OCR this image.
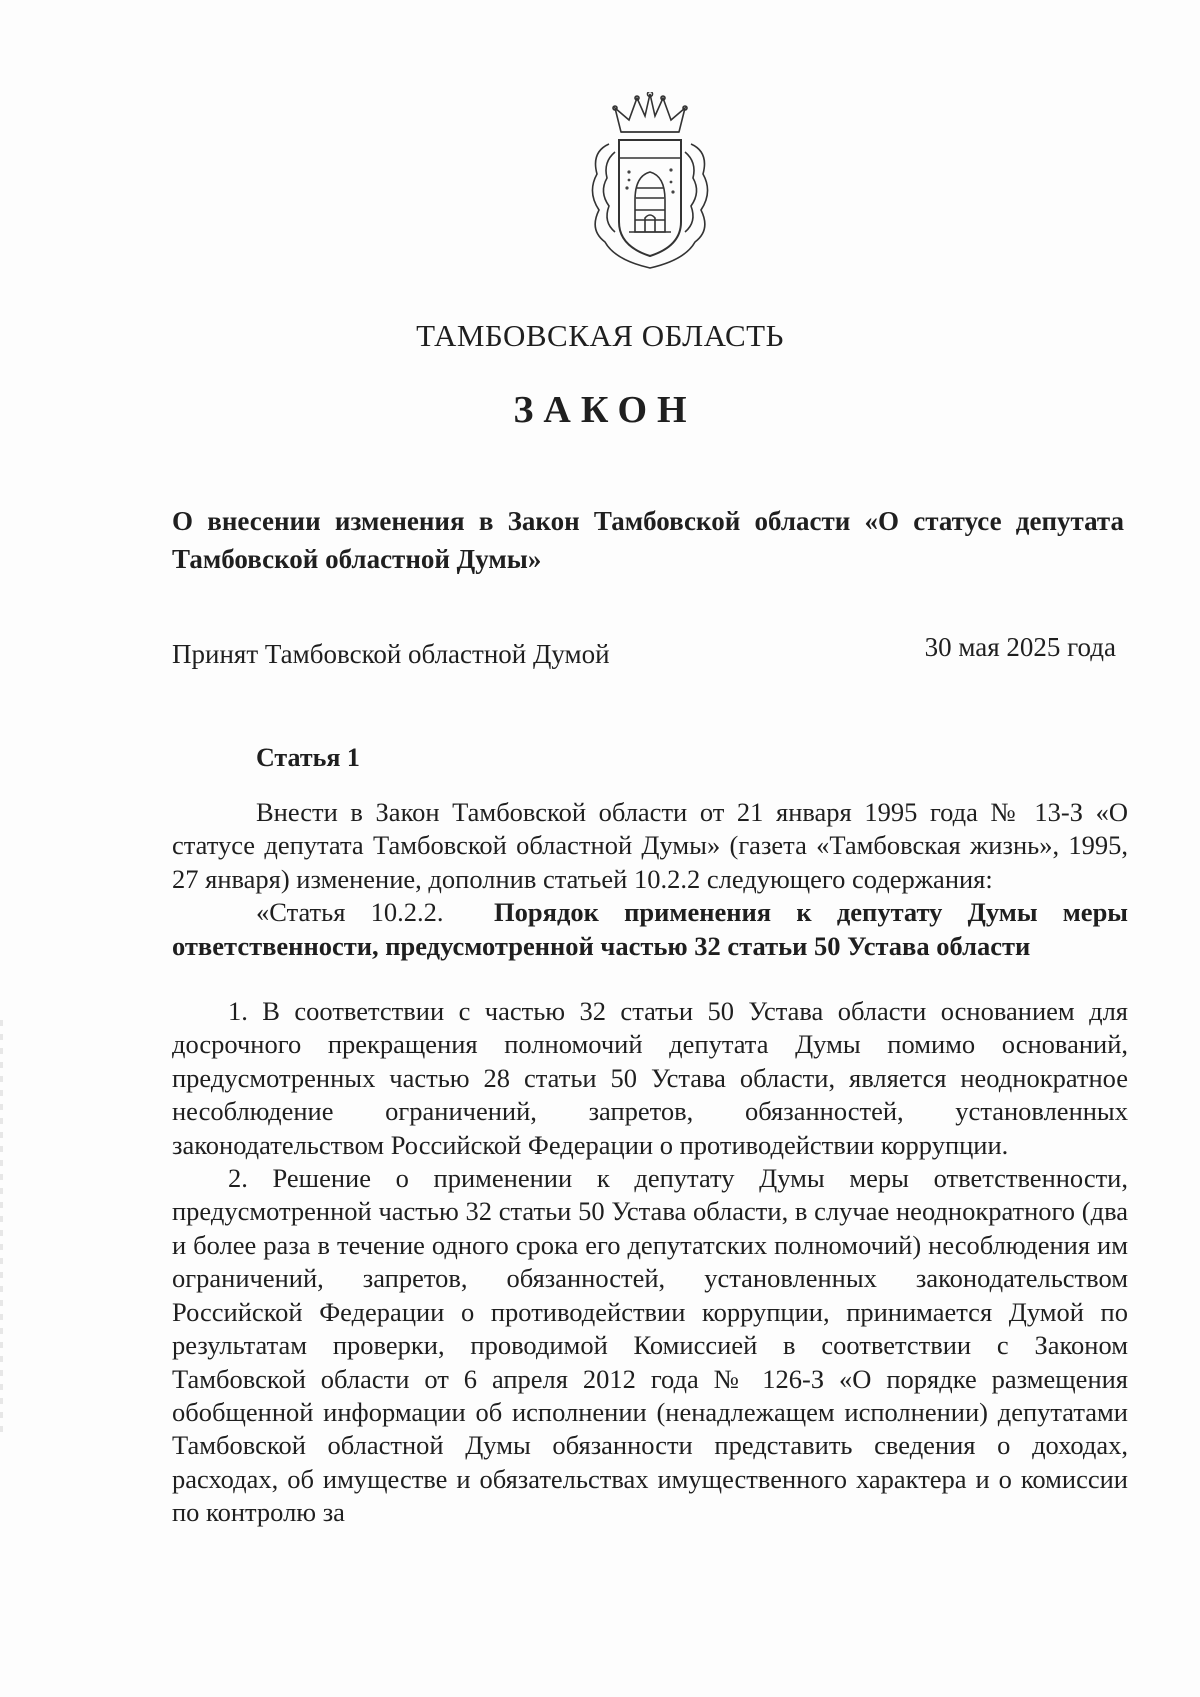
ТАМБОВСКАЯ ОБЛАСТЬ
ЗАКОН
О внесении изменения в Закон Тамбовской области «О статусе депутата Тамбовской областной Думы»
Принят Тамбовской областной Думой	30 мая 2025 года
Статья 1

Внести в Закон Тамбовской области от 21 января 1995 года № 13-З «О статусе депутата Тамбовской областной Думы» (газета «Тамбовская жизнь», 1995, 27 января) изменение, дополнив статьей 10.2.2 следующего содержания:

«Статья 10.2.2. Порядок применения к депутату Думы меры ответственности, предусмотренной частью 32 статьи 50 Устава области

1. В соответствии с частью 32 статьи 50 Устава области основанием для досрочного прекращения полномочий депутата Думы помимо оснований, предусмотренных частью 28 статьи 50 Устава области, является неоднократное несоблюдение ограничений, запретов, обязанностей, установленных законодательством Российской Федерации о противодействии коррупции.

2. Решение о применении к депутату Думы меры ответственности, предусмотренной частью 32 статьи 50 Устава области, в случае неоднократного (два и более раза в течение одного срока его депутатских полномочий) несоблюдения им ограничений, запретов, обязанностей, установленных законодательством Российской Федерации о противодействии коррупции, принимается Думой по результатам проверки, проводимой Комиссией в соответствии с Законом Тамбовской области от 6 апреля 2012 года № 126-З «О порядке размещения обобщенной информации об исполнении (ненадлежащем исполнении) депутатами Тамбовской областной Думы обязанности представить сведения о доходах, расходах, об имуществе и обязательствах имущественного характера и о комиссии по контролю за
